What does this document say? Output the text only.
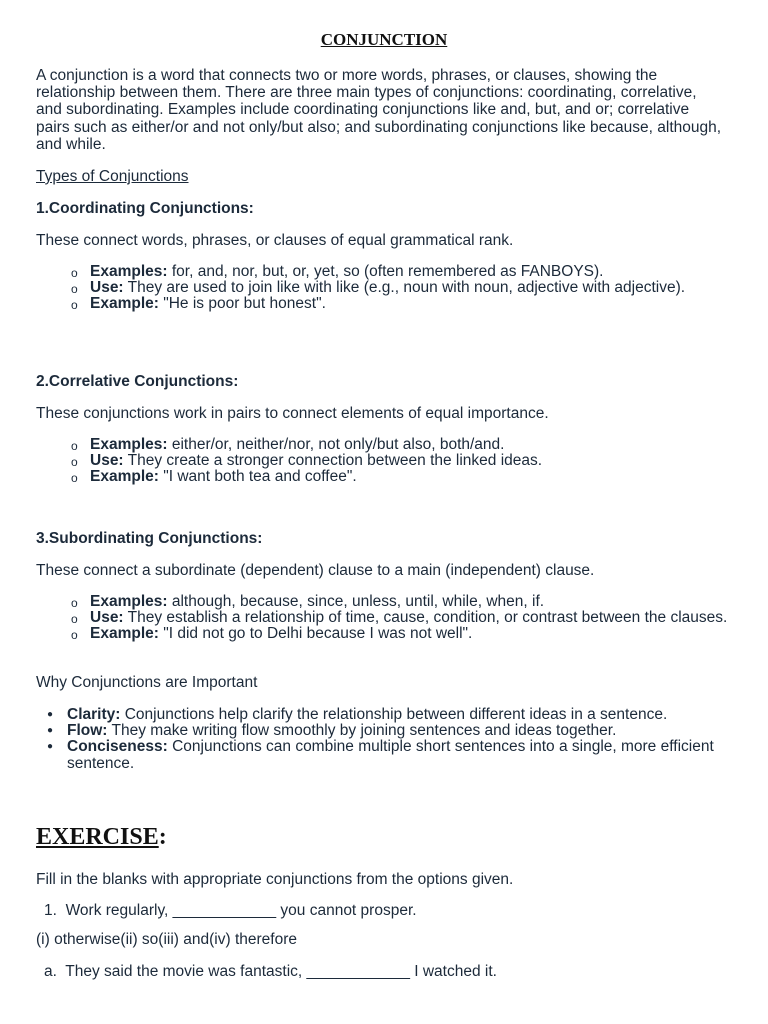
CONJUNCTION
A conjunction is a word that connects two or more words, phrases, or clauses, showing the relationship between them. There are three main types of conjunctions: coordinating, correlative, and subordinating. Examples include coordinating conjunctions like and, but, and or; correlative pairs such as either/or and not only/but also; and subordinating conjunctions like because, although, and while.
Types of Conjunctions
1.Coordinating Conjunctions:
These connect words, phrases, or clauses of equal grammatical rank.
o Examples: for, and, nor, but, or, yet, so (often remembered as FANBOYS).
o Use: They are used to join like with like (e.g., noun with noun, adjective with adjective).
o Example: "He is poor but honest".
2.Correlative Conjunctions:
These conjunctions work in pairs to connect elements of equal importance.
o Examples: either/or, neither/nor, not only/but also, both/and.
o Use: They create a stronger connection between the linked ideas.
o Example: "I want both tea and coffee".
3.Subordinating Conjunctions:
These connect a subordinate (dependent) clause to a main (independent) clause.
o Examples: although, because, since, unless, until, while, when, if.
o Use: They establish a relationship of time, cause, condition, or contrast between the clauses.
o Example: "I did not go to Delhi because I was not well".
Why Conjunctions are Important
● Clarity: Conjunctions help clarify the relationship between different ideas in a sentence.
● Flow: They make writing flow smoothly by joining sentences and ideas together.
● Conciseness: Conjunctions can combine multiple short sentences into a single, more efficient sentence.
EXERCISE:
Fill in the blanks with appropriate conjunctions from the options given.
1. Work regularly, ____________ you cannot prosper.
(i) otherwise(ii) so(iii) and(iv) therefore
a. They said the movie was fantastic, ____________ I watched it.
